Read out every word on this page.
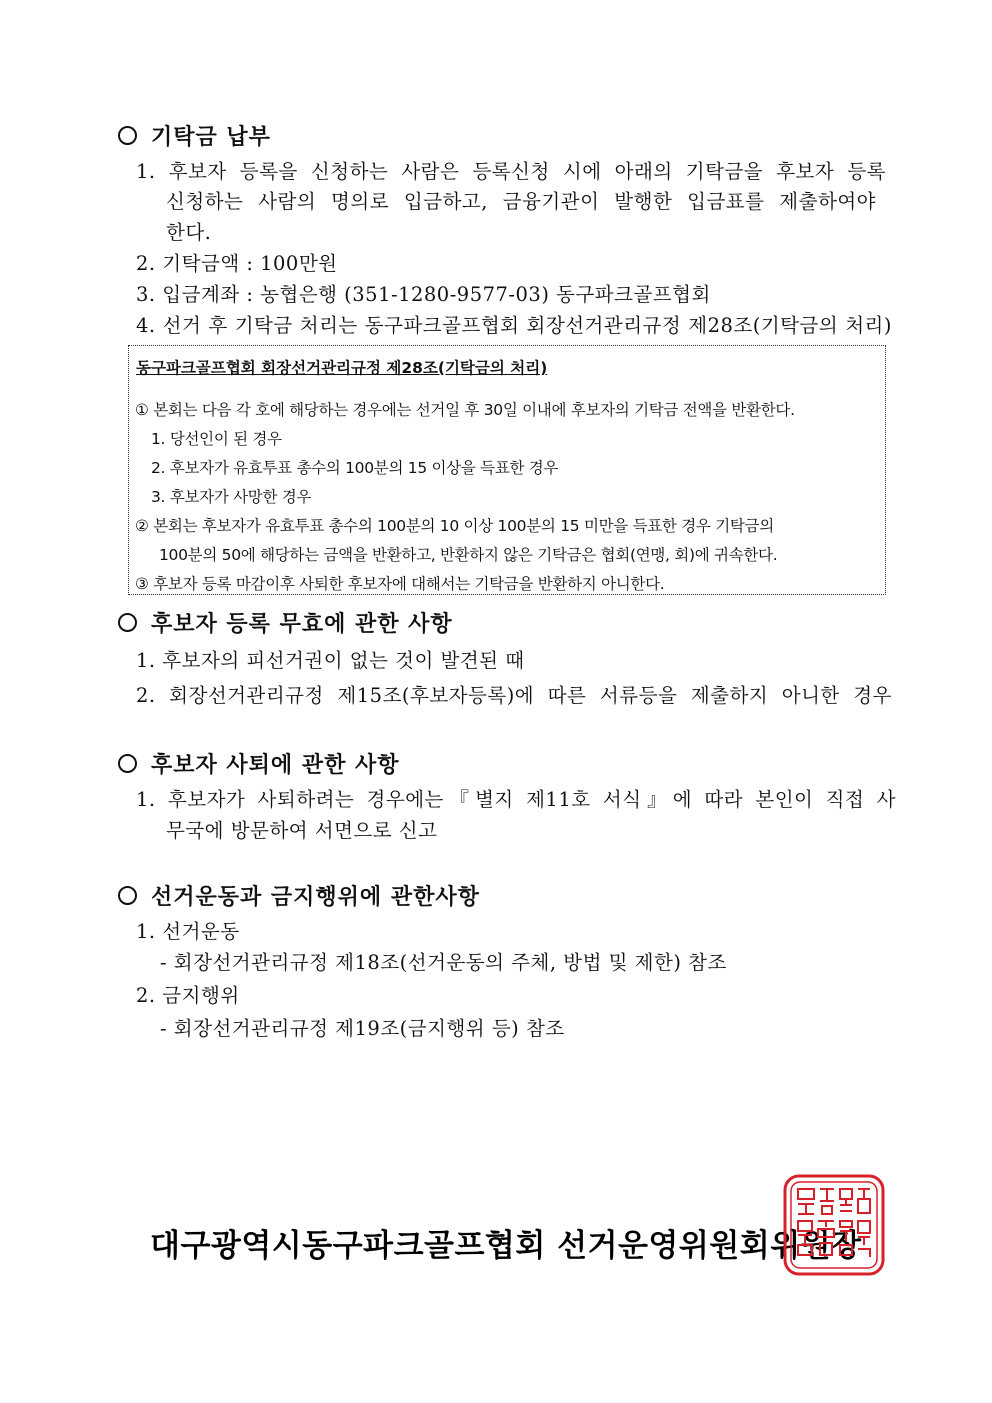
기탁금 납부
1. 후보자 등록을 신청하는 사람은 등록신청 시에 아래의 기탁금을 후보자 등록
신청하는 사람의 명의로 입금하고, 금융기관이 발행한 입금표를 제출하여야
한다.
2. 기탁금액 : 100만원
3. 입금계좌 : 농협은행 (351-1280-9577-03) 동구파크골프협회
4. 선거 후 기탁금 처리는 동구파크골프협회 회장선거관리규정 제28조(기탁금의 처리)
동구파크골프협회 회장선거관리규정 제28조(기탁금의 처리)
① 본회는 다음 각 호에 해당하는 경우에는 선거일 후 30일 이내에 후보자의 기탁금 전액을 반환한다.
1. 당선인이 된 경우
2. 후보자가 유효투표 총수의 100분의 15 이상을 득표한 경우
3. 후보자가 사망한 경우
② 본회는 후보자가 유효투표 총수의 100분의 10 이상 100분의 15 미만을 득표한 경우 기탁금의
100분의 50에 해당하는 금액을 반환하고, 반환하지 않은 기탁금은 협회(연맹, 회)에 귀속한다.
③ 후보자 등록 마감이후 사퇴한 후보자에 대해서는 기탁금을 반환하지 아니한다.
후보자 등록 무효에 관한 사항
1. 후보자의 피선거권이 없는 것이 발견된 때
2. 회장선거관리규정 제15조(후보자등록)에 따른 서류등을 제출하지 아니한 경우
후보자 사퇴에 관한 사항
1. 후보자가 사퇴하려는 경우에는『별지 제11호 서식』에 따라 본인이 직접 사
무국에 방문하여 서면으로 신고
선거운동과 금지행위에 관한사항
1. 선거운동
- 회장선거관리규정 제18조(선거운동의 주체, 방법 및 제한) 참조
2. 금지행위
- 회장선거관리규정 제19조(금지행위 등) 참조
대구광역시동구파크골프협회 선거운영위원회위원장
